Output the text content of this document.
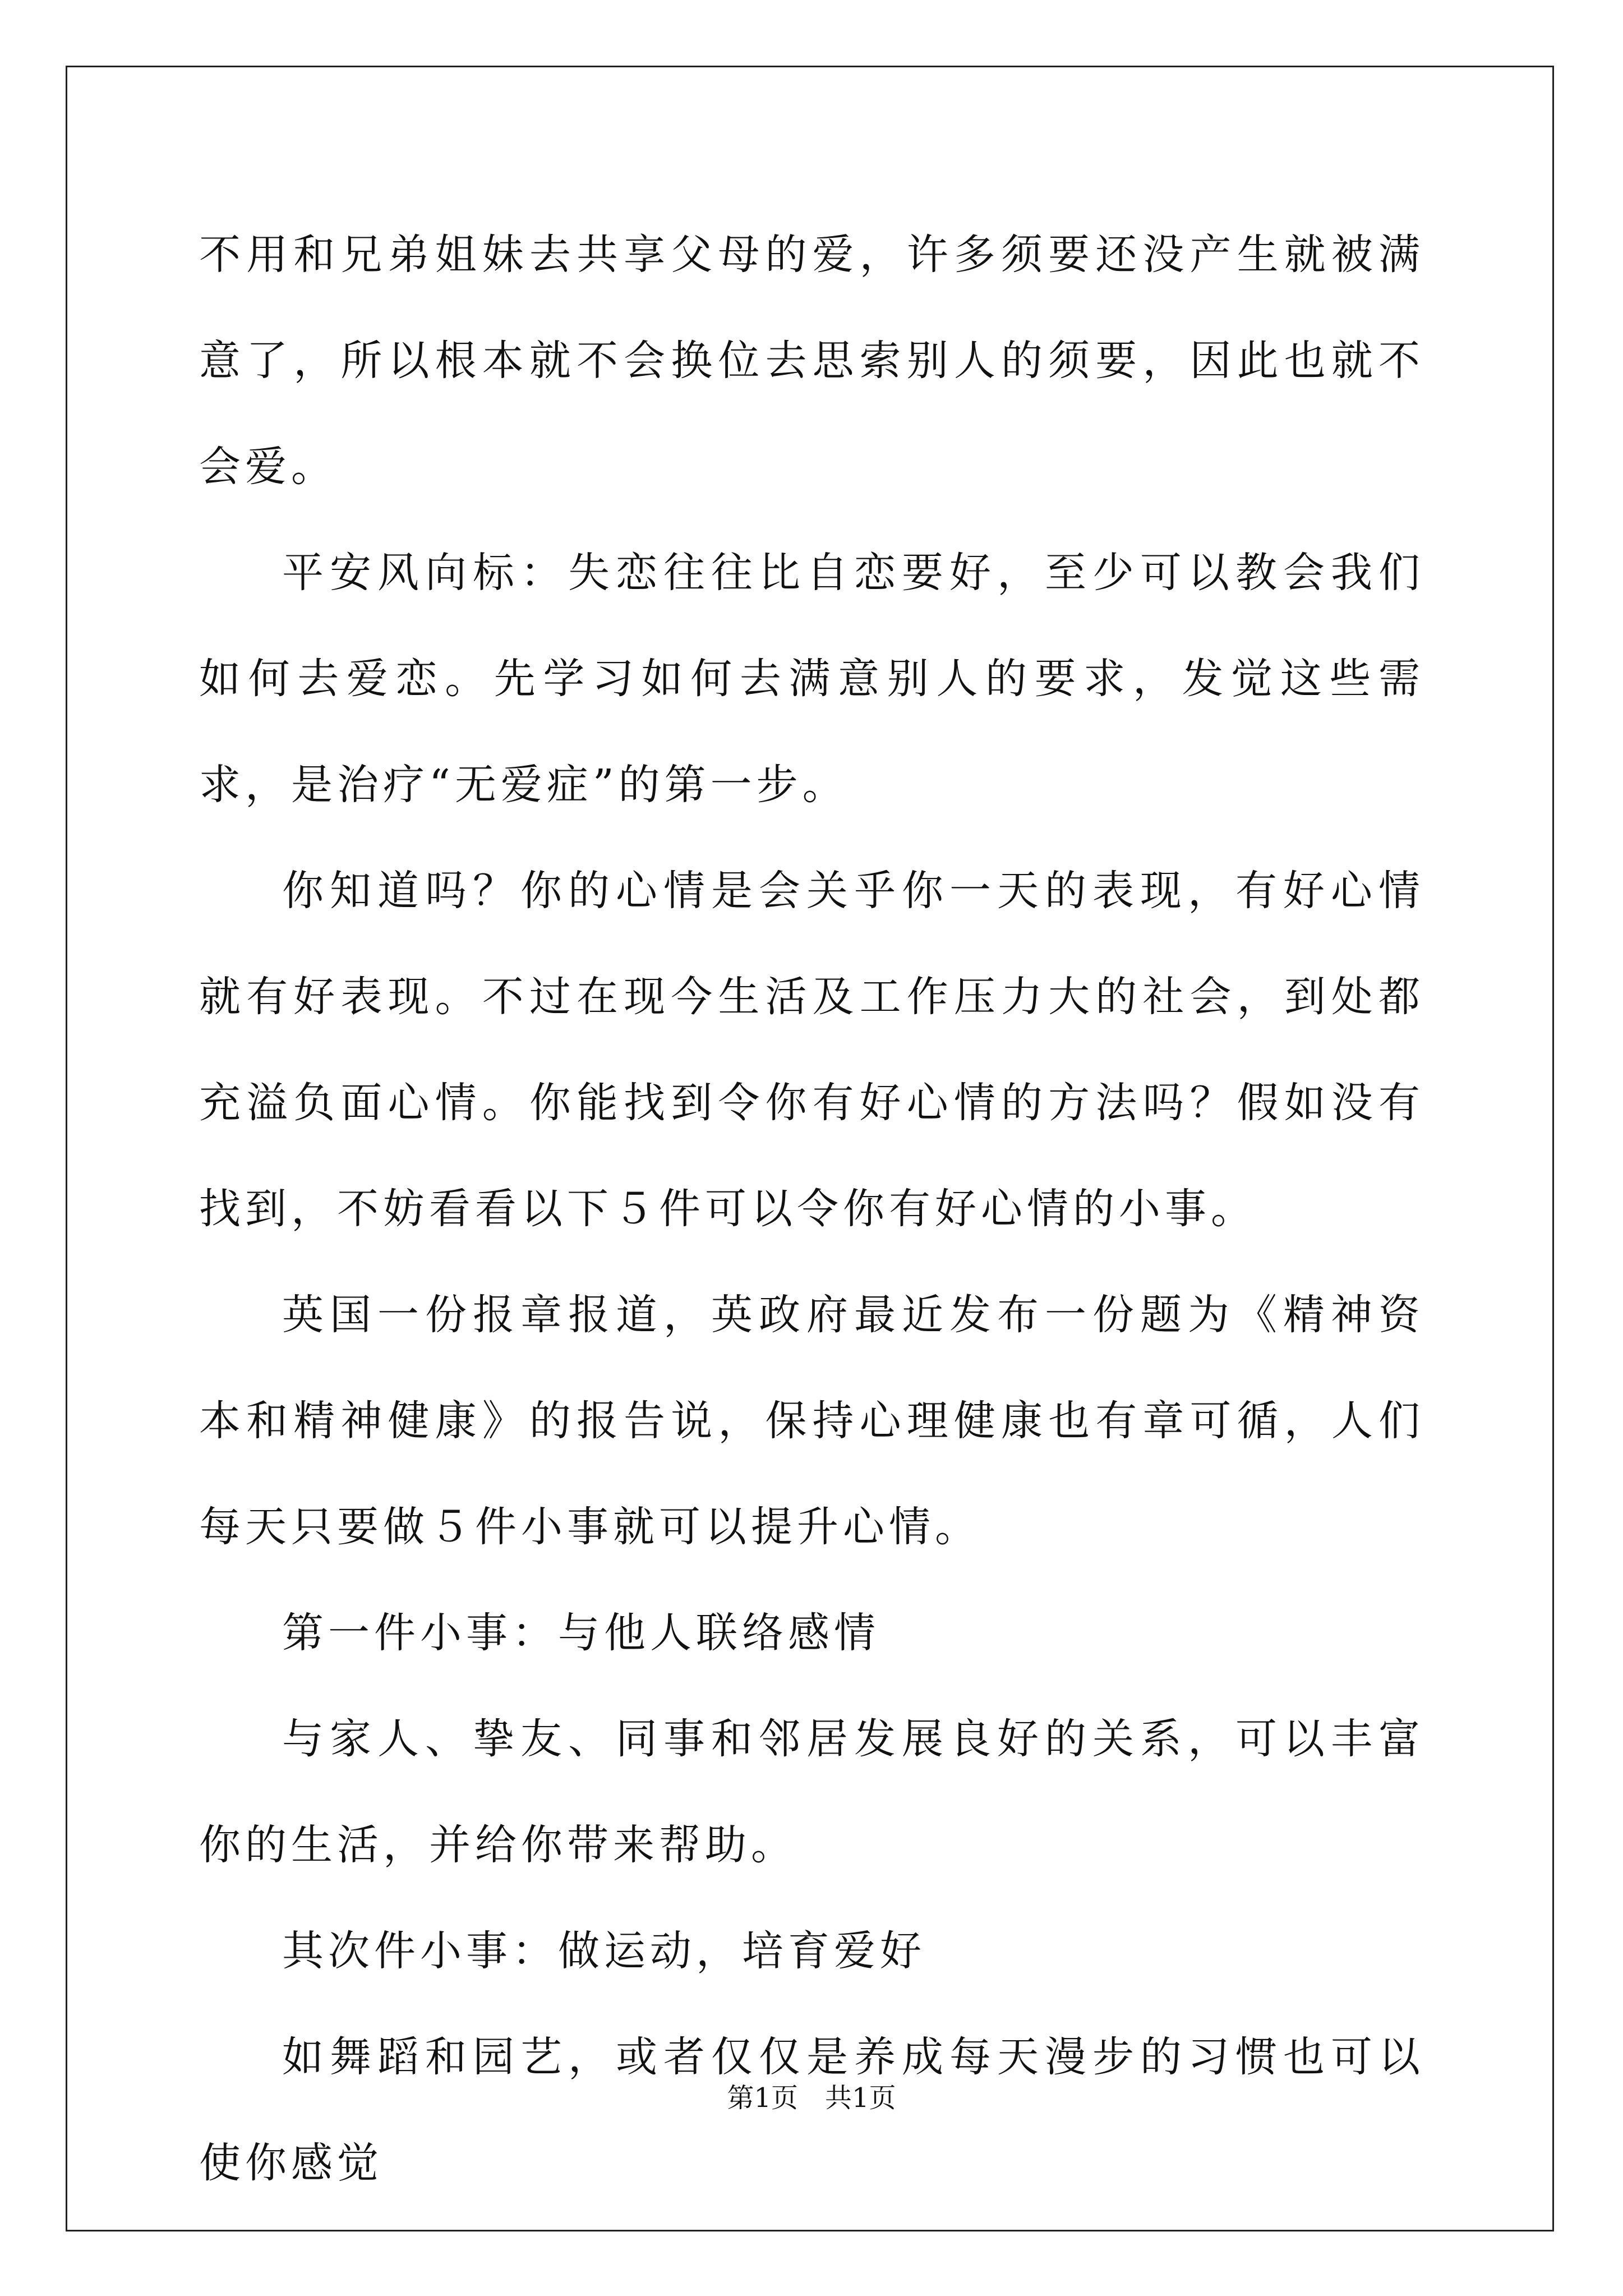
不用和兄弟姐妹去共享父母的爱，许多须要还没产生就被满意了，所以根本就不会换位去思索别人的须要，因此也就不会爱。

平安风向标：失恋往往比自恋要好，至少可以教会我们如何去爱恋。先学习如何去满意别人的要求，发觉这些需求，是治疗“无爱症”的第一步。

你知道吗？你的心情是会关乎你一天的表现，有好心情就有好表现。不过在现今生活及工作压力大的社会，到处都充溢负面心情。你能找到令你有好心情的方法吗？假如没有找到，不妨看看以下５件可以令你有好心情的小事。

英国一份报章报道，英政府最近发布一份题为《精神资本和精神健康》的报告说，保持心理健康也有章可循，人们每天只要做５件小事就可以提升心情。

第一件小事：与他人联络感情

与家人、挚友、同事和邻居发展良好的关系，可以丰富你的生活，并给你带来帮助。

其次件小事：做运动，培育爱好

如舞蹈和园艺，或者仅仅是养成每天漫步的习惯也可以使你感觉

第1页　共1页
